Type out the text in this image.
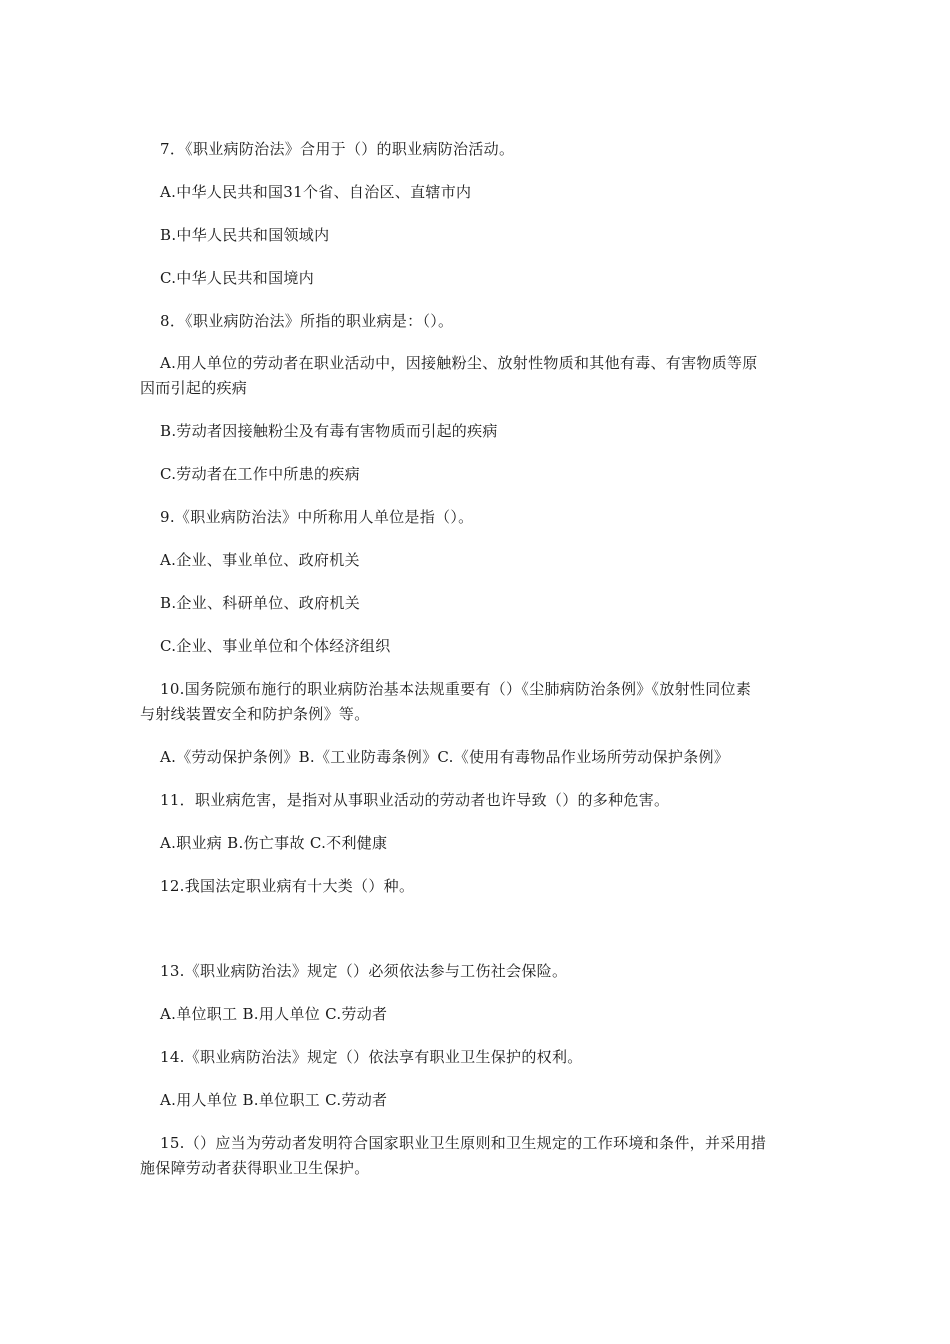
7．《职业病防治法》合用于（）的职业病防治活动。
A.中华人民共和国31个省、自治区、直辖市内
B.中华人民共和国领域内
C.中华人民共和国境内
8．《职业病防治法》所指的职业病是：（）。
A.用人单位的劳动者在职业活动中，因接触粉尘、放射性物质和其他有毒、有害物质等原
因而引起的疾病
B.劳动者因接触粉尘及有毒有害物质而引起的疾病
C.劳动者在工作中所患的疾病
9.《职业病防治法》中所称用人单位是指（）。
A.企业、事业单位、政府机关
B.企业、科研单位、政府机关
C.企业、事业单位和个体经济组织
10.国务院颁布施行的职业病防治基本法规重要有（）《尘肺病防治条例》《放射性同位素
与射线装置安全和防护条例》等。
A.《劳动保护条例》B.《工业防毒条例》C.《使用有毒物品作业场所劳动保护条例》
11．职业病危害，是指对从事职业活动的劳动者也许导致（）的多种危害。
A.职业病 B.伤亡事故 C.不利健康
12.我国法定职业病有十大类（）种。
13.《职业病防治法》规定（）必须依法参与工伤社会保险。
A.单位职工 B.用人单位 C.劳动者
14.《职业病防治法》规定（）依法享有职业卫生保护的权利。
A.用人单位 B.单位职工 C.劳动者
15.（）应当为劳动者发明符合国家职业卫生原则和卫生规定的工作环境和条件，并采用措
施保障劳动者获得职业卫生保护。
